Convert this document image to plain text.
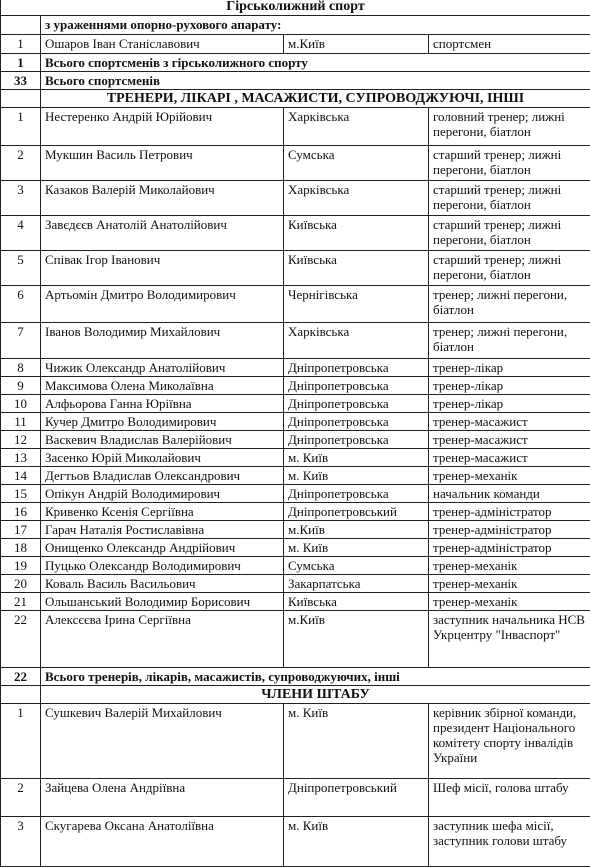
Гірськолижний спорт			
	з ураженнями опорно-рухового апарату:		
1	Ошаров Іван Станіславович	м.Київ	спортсмен
1	Всього спортсменів з гірськолижного спорту		
33	Всього спортсменів		
	ТРЕНЕРИ, ЛІКАРІ , МАСАЖИСТИ, СУПРОВОДЖУЮЧІ, ІНШІ		
1	Нестеренко Андрій Юрійович	Харківська	головний тренер; лижні перегони, біатлон
2	Мукшин Василь Петрович	Сумська	старший тренер; лижні перегони, біатлон
3	Казаков Валерій Миколайович	Харківська	старший тренер; лижні перегони, біатлон
4	Завєдєєв Анатолій Анатолійович	Київська	старший тренер; лижні перегони, біатлон
5	Співак Ігор Іванович	Київська	старший тренер; лижні перегони, біатлон
6	Артьомін Дмитро Володимирович	Чернігівська	тренер; лижні перегони, біатлон
7	Іванов Володимир Михайлович	Харківська	тренер; лижні перегони, біатлон
8	Чижик Олександр Анатолійович	Дніпропетровська	тренер-лікар
9	Максимова Олена Миколаївна	Дніпропетровська	тренер-лікар
10	Алфьорова Ганна Юріївна	Дніпропетровська	тренер-лікар
11	Кучер Дмитро Володимирович	Дніпропетровська	тренер-масажист
12	Васкевич Владислав Валерійович	Дніпропетровська	тренер-масажист
13	Засенко Юрій Миколайович	м. Київ	тренер-масажист
14	Дегтьов Владислав Олександрович	м. Київ	тренер-механік
15	Опікун Андрій Володимирович	Дніпропетровська	начальник команди
16	Кривенко Ксенія Сергіївна	Дніпропетровський	тренер-адміністратор
17	Гарач Наталія Ростиславівна	м.Київ	тренер-адміністратор
18	Онищенко Олександр Андрійович	м. Київ	тренер-адміністратор
19	Пуцько Олександр Володимирович	Сумська	тренер-механік
20	Коваль Василь Васильович	Закарпатська	тренер-механік
21	Ольшанський Володимир Борисович	Київська	тренер-механік
22	Алексєєва Ірина Сергіївна	м.Київ	заступник начальника НСВ Укрцентру "Інваспорт"
22	Всього тренерів, лікарів, масажистів, супроводжуючих, інші		
	ЧЛЕНИ ШТАБУ		
1	Сушкевич Валерій Михайлович	м. Київ	керівник збірної команди, президент Національного комітету спорту інвалідів України
2	Зайцева Олена Андріївна	Дніпропетровський	Шеф місії, голова штабу
3	Скугарева Оксана Анатоліївна	м. Київ	заступник шефа місії, заступник голови штабу
